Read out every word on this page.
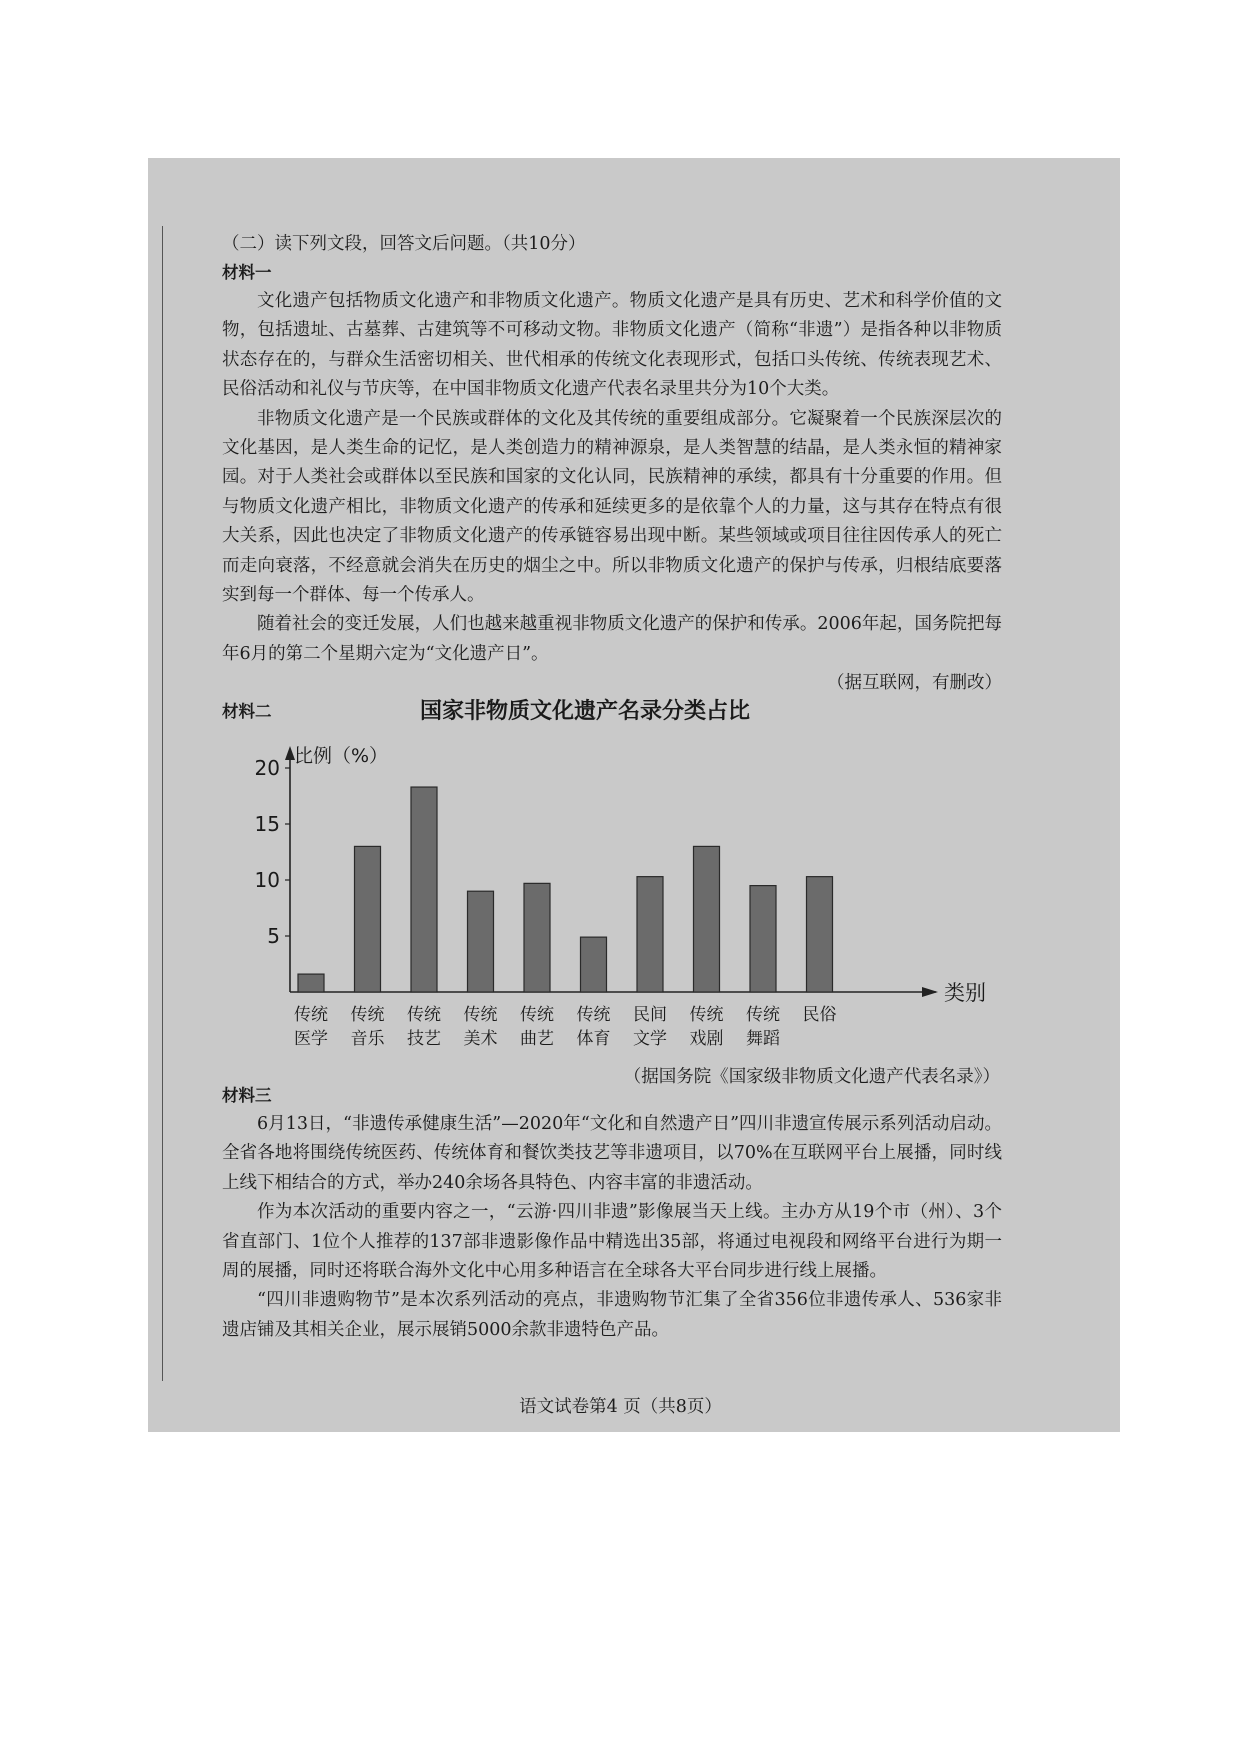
（二）读下列文段，回答文后问题。（共10分）
材料一

文化遗产包括物质文化遗产和非物质文化遗产。物质文化遗产是具有历史、艺术和科学价值的文物，包括遗址、古墓葬、古建筑等不可移动文物。非物质文化遗产（简称“非遗”）是指各种以非物质状态存在的，与群众生活密切相关、世代相承的传统文化表现形式，包括口头传统、传统表现艺术、民俗活动和礼仪与节庆等，在中国非物质文化遗产代表名录里共分为10个大类。

非物质文化遗产是一个民族或群体的文化及其传统的重要组成部分。它凝聚着一个民族深层次的文化基因，是人类生命的记忆，是人类创造力的精神源泉，是人类智慧的结晶，是人类永恒的精神家园。对于人类社会或群体以至民族和国家的文化认同，民族精神的承续，都具有十分重要的作用。但与物质文化遗产相比，非物质文化遗产的传承和延续更多的是依靠个人的力量，这与其存在特点有很大关系，因此也决定了非物质文化遗产的传承链容易出现中断。某些领域或项目往往因传承人的死亡而走向衰落，不经意就会消失在历史的烟尘之中。所以非物质文化遗产的保护与传承，归根结底要落实到每一个群体、每一个传承人。

随着社会的变迁发展，人们也越来越重视非物质文化遗产的保护和传承。2006年起，国务院把每年6月的第二个星期六定为“文化遗产日”。

（据互联网，有删改）
材料二	国家非物质文化遗产名录分类占比
比例（%）
类别
5
10
15
20
传统
医学
传统
音乐
传统
技艺
传统
美术
传统
曲艺
传统
体育
民间
文学
传统
戏剧
传统
舞蹈
民俗
（据国务院《国家级非物质文化遗产代表名录》）
材料三

6月13日，“非遗传承健康生活”—2020年“文化和自然遗产日”四川非遗宣传展示系列活动启动。全省各地将围绕传统医药、传统体育和餐饮类技艺等非遗项目，以70%在互联网平台上展播，同时线上线下相结合的方式，举办240余场各具特色、内容丰富的非遗活动。

作为本次活动的重要内容之一，“云游·四川非遗”影像展当天上线。主办方从19个市（州）、3个省直部门、1位个人推荐的137部非遗影像作品中精选出35部，将通过电视段和网络平台进行为期一周的展播，同时还将联合海外文化中心用多种语言在全球各大平台同步进行线上展播。

“四川非遗购物节”是本次系列活动的亮点，非遗购物节汇集了全省356位非遗传承人、536家非遗店铺及其相关企业，展示展销5000余款非遗特色产品。

语文试卷第4 页（共8页）
